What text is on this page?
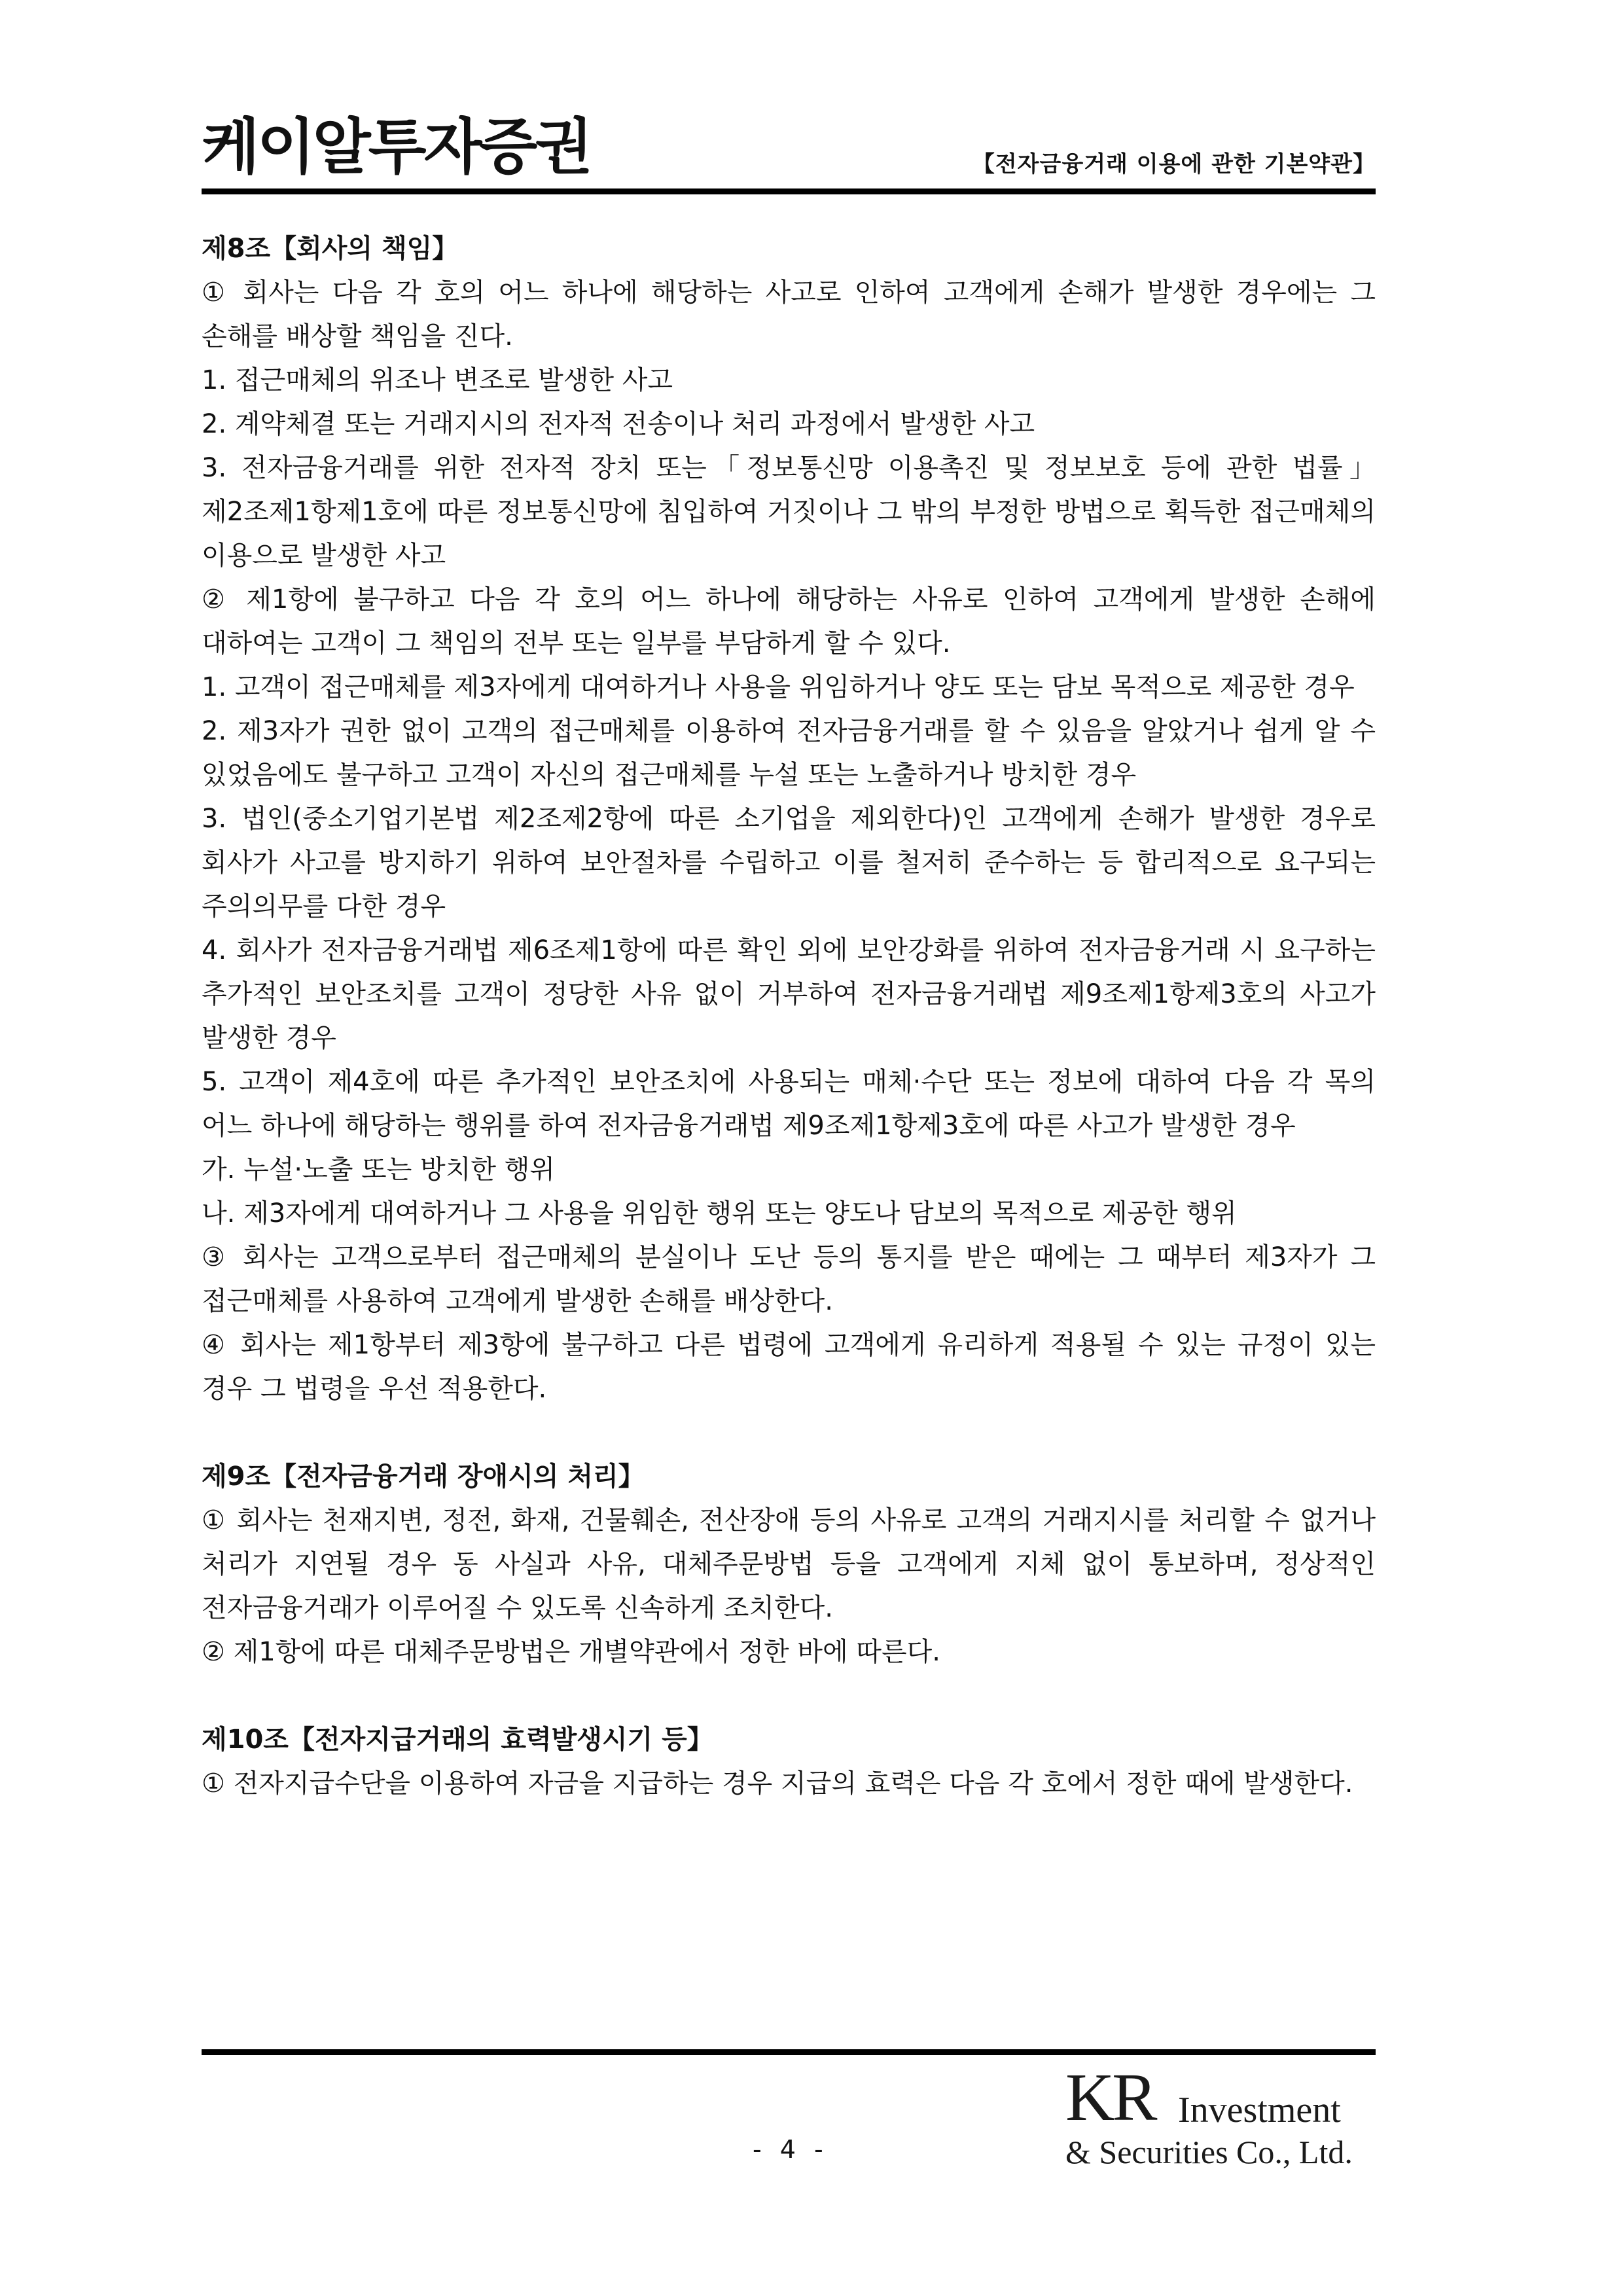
케이알투자증권	【전자금융거래 이용에 관한 기본약관】
제8조【회사의 책임】

① 회사는 다음 각 호의 어느 하나에 해당하는 사고로 인하여 고객에게 손해가 발생한 경우에는 그 손해를 배상할 책임을 진다.

1. 접근매체의 위조나 변조로 발생한 사고

2. 계약체결 또는 거래지시의 전자적 전송이나 처리 과정에서 발생한 사고

3. 전자금융거래를 위한 전자적 장치 또는「정보통신망 이용촉진 및 정보보호 등에 관한 법률」제2조제1항제1호에 따른 정보통신망에 침입하여 거짓이나 그 밖의 부정한 방법으로 획득한 접근매체의 이용으로 발생한 사고

② 제1항에 불구하고 다음 각 호의 어느 하나에 해당하는 사유로 인하여 고객에게 발생한 손해에 대하여는 고객이 그 책임의 전부 또는 일부를 부담하게 할 수 있다.

1. 고객이 접근매체를 제3자에게 대여하거나 사용을 위임하거나 양도 또는 담보 목적으로 제공한 경우

2. 제3자가 권한 없이 고객의 접근매체를 이용하여 전자금융거래를 할 수 있음을 알았거나 쉽게 알 수 있었음에도 불구하고 고객이 자신의 접근매체를 누설 또는 노출하거나 방치한 경우

3. 법인(중소기업기본법 제2조제2항에 따른 소기업을 제외한다)인 고객에게 손해가 발생한 경우로 회사가 사고를 방지하기 위하여 보안절차를 수립하고 이를 철저히 준수하는 등 합리적으로 요구되는 주의의무를 다한 경우

4. 회사가 전자금융거래법 제6조제1항에 따른 확인 외에 보안강화를 위하여 전자금융거래 시 요구하는 추가적인 보안조치를 고객이 정당한 사유 없이 거부하여 전자금융거래법 제9조제1항제3호의 사고가 발생한 경우

5. 고객이 제4호에 따른 추가적인 보안조치에 사용되는 매체·수단 또는 정보에 대하여 다음 각 목의 어느 하나에 해당하는 행위를 하여 전자금융거래법 제9조제1항제3호에 따른 사고가 발생한 경우

가. 누설·노출 또는 방치한 행위

나. 제3자에게 대여하거나 그 사용을 위임한 행위 또는 양도나 담보의 목적으로 제공한 행위

③ 회사는 고객으로부터 접근매체의 분실이나 도난 등의 통지를 받은 때에는 그 때부터 제3자가 그 접근매체를 사용하여 고객에게 발생한 손해를 배상한다.

④ 회사는 제1항부터 제3항에 불구하고 다른 법령에 고객에게 유리하게 적용될 수 있는 규정이 있는 경우 그 법령을 우선 적용한다.

제9조【전자금융거래 장애시의 처리】

① 회사는 천재지변, 정전, 화재, 건물훼손, 전산장애 등의 사유로 고객의 거래지시를 처리할 수 없거나 처리가 지연될 경우 동 사실과 사유, 대체주문방법 등을 고객에게 지체 없이 통보하며, 정상적인 전자금융거래가 이루어질 수 있도록 신속하게 조치한다.

② 제1항에 따른 대체주문방법은 개별약관에서 정한 바에 따른다.

제10조【전자지급거래의 효력발생시기 등】

① 전자지급수단을 이용하여 자금을 지급하는 경우 지급의 효력은 다음 각 호에서 정한 때에 발생한다.

- 4 -
KR Investment
& Securities Co., Ltd.
